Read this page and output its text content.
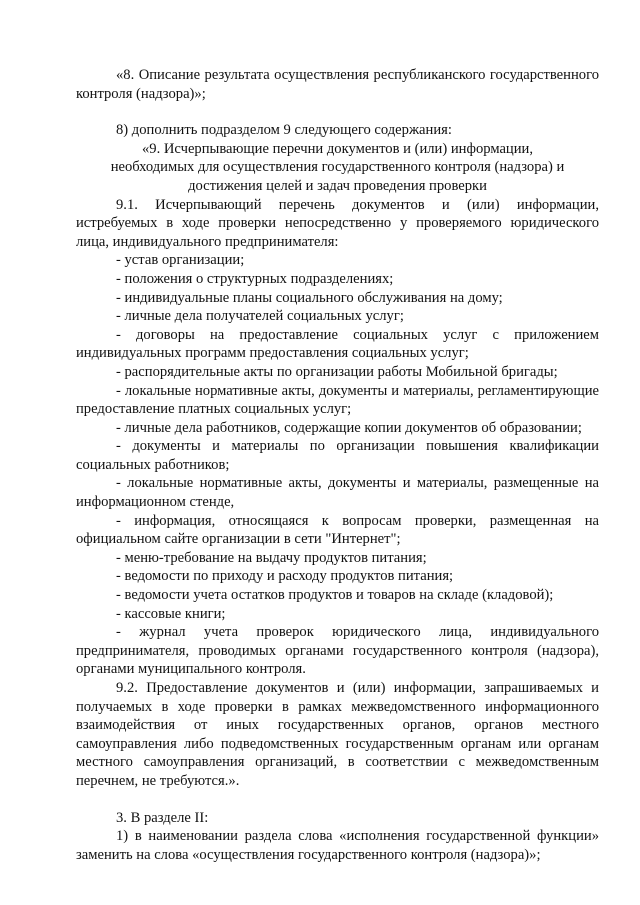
«8. Описание результата осуществления республиканского государственного контроля (надзора)»;

8) дополнить подразделом 9 следующего содержания:

«9. Исчерпывающие перечни документов и (или) информации,

необходимых для осуществления государственного контроля (надзора) и

достижения целей и задач проведения проверки

9.1. Исчерпывающий перечень документов и (или) информации, истребуемых в ходе проверки непосредственно у проверяемого юридического лица, индивидуального предпринимателя:

- устав организации;

- положения о структурных подразделениях;

- индивидуальные планы социального обслуживания на дому;

- личные дела получателей социальных услуг;

- договоры на предоставление социальных услуг с приложением индивидуальных программ предоставления социальных услуг;

- распорядительные акты по организации работы Мобильной бригады;

- локальные нормативные акты, документы и материалы, регламентирующие предоставление платных социальных услуг;

- личные дела работников, содержащие копии документов об образовании;

- документы и материалы по организации повышения квалификации социальных работников;

- локальные нормативные акты, документы и материалы, размещенные на информационном стенде,

- информация, относящаяся к вопросам проверки, размещенная на официальном сайте организации в сети "Интернет";

- меню-требование на выдачу продуктов питания;

- ведомости по приходу и расходу продуктов питания;

- ведомости учета остатков продуктов и товаров на складе (кладовой);

- кассовые книги;

- журнал учета проверок юридического лица, индивидуального предпринимателя, проводимых органами государственного контроля (надзора), органами муниципального контроля.

9.2. Предоставление документов и (или) информации, запрашиваемых и получаемых в ходе проверки в рамках межведомственного информационного взаимодействия от иных государственных органов, органов местного самоуправления либо подведомственных государственным органам или органам местного самоуправления организаций, в соответствии с межведомственным перечнем, не требуются.».

3. В разделе II:

1) в наименовании раздела слова «исполнения государственной функции» заменить на слова «осуществления государственного контроля (надзора)»;
